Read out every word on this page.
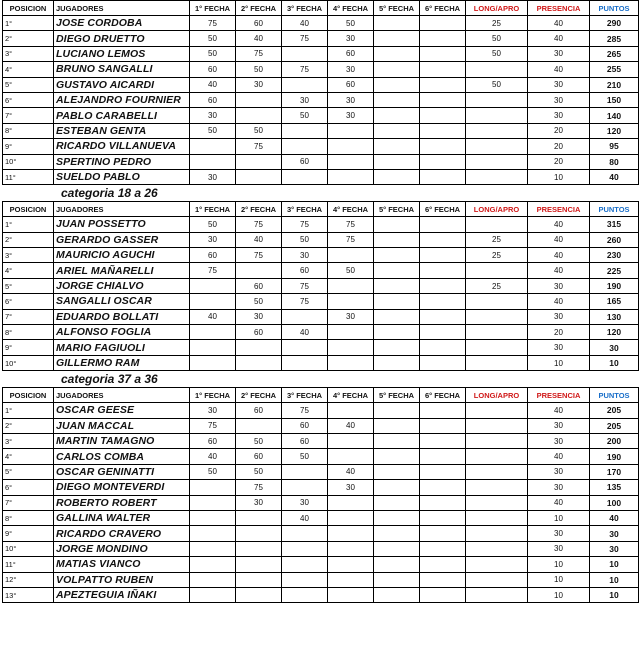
POSICION	JUGADORES	1° FECHA	2° FECHA	3° FECHA	4° FECHA	5° FECHA	6° FECHA	LONG/APRO	PRESENCIA	PUNTOS
1°	JOSE CORDOBA	75	60	40	50			25	40	290
2°	DIEGO DRUETTO	50	40	75	30			50	40	285
3°	LUCIANO LEMOS	50	75		60			50	30	265
4°	BRUNO SANGALLI	60	50	75	30				40	255
5°	GUSTAVO AICARDI	40	30		60			50	30	210
6°	ALEJANDRO FOURNIER	60		30	30				30	150
7°	PABLO CARABELLI	30		50	30				30	140
8°	ESTEBAN GENTA	50	50						20	120
9°	RICARDO VILLANUEVA		75						20	95
10°	SPERTINO PEDRO			60					20	80
11°	SUELDO PABLO	30							10	40
categoria 18 a 26
POSICION	JUGADORES	1° FECHA	2° FECHA	3° FECHA	4° FECHA	5° FECHA	6° FECHA	LONG/APRO	PRESENCIA	PUNTOS
1°	JUAN POSSETTO	50	75	75	75				40	315
2°	GERARDO GASSER	30	40	50	75			25	40	260
3°	MAURICIO AGUCHI	60	75	30				25	40	230
4°	ARIEL MAÑARELLI	75		60	50				40	225
5°	JORGE CHIALVO		60	75				25	30	190
6°	SANGALLI OSCAR		50	75					40	165
7°	EDUARDO BOLLATI	40	30		30				30	130
8°	ALFONSO FOGLIA		60	40					20	120
9°	MARIO FAGIUOLI								30	30
10°	GILLERMO RAM								10	10
categoria 37 a 36
POSICION	JUGADORES	1° FECHA	2° FECHA	3° FECHA	4° FECHA	5° FECHA	6° FECHA	LONG/APRO	PRESENCIA	PUNTOS
1°	OSCAR GEESE	30	60	75					40	205
2°	JUAN MACCAL	75		60	40				30	205
3°	MARTIN TAMAGNO	60	50	60					30	200
4°	CARLOS COMBA	40	60	50					40	190
5°	OSCAR GENINATTI	50	50		40				30	170
6°	DIEGO MONTEVERDI		75		30				30	135
7°	ROBERTO ROBERT		30	30					40	100
8°	GALLINA WALTER			40					10	40
9°	RICARDO CRAVERO								30	30
10°	JORGE MONDINO								30	30
11°	MATIAS VIANCO								10	10
12°	VOLPATTO RUBEN								10	10
13°	APEZTEGUIA IÑAKI								10	10
